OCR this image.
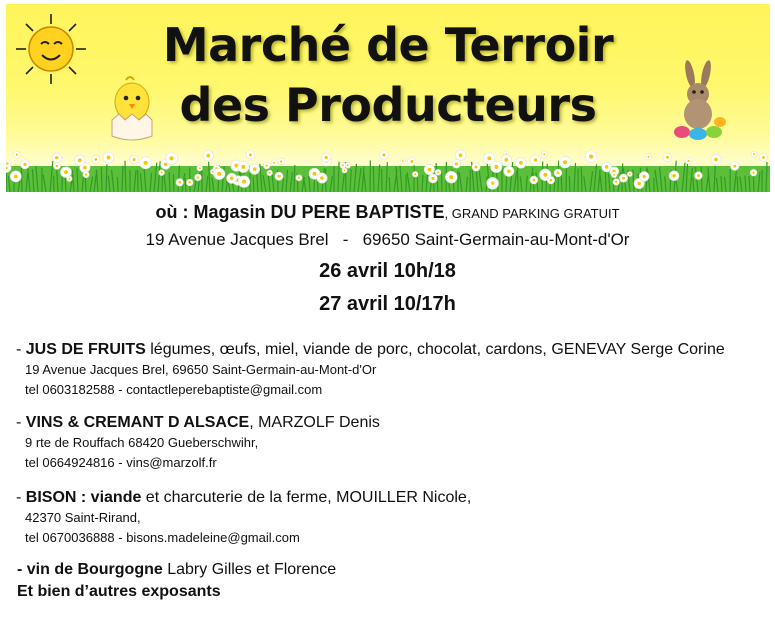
Marché de Terroir
des Producteurs
où : Magasin DU PERE BAPTISTE, GRAND PARKING GRATUIT
19 Avenue Jacques Brel - 69650 Saint-Germain-au-Mont-d'Or
26 avril 10h/18
27 avril 10/17h
- JUS DE FRUITS légumes, œufs, miel, viande de porc, chocolat, cardons, GENEVAY Serge Corine
19 Avenue Jacques Brel, 69650 Saint-Germain-au-Mont-d'Or
tel 0603182588 - contactleperebaptiste@gmail.com
- VINS & CREMANT D ALSACE, MARZOLF Denis
9 rte de Rouffach 68420 Gueberschwihr,
tel 0664924816 - vins@marzolf.fr
- BISON : viande et charcuterie de la ferme, MOUILLER Nicole,
42370 Saint-Rirand,
tel 0670036888 - bisons.madeleine@gmail.com
- vin de Bourgogne Labry Gilles et Florence
Et bien d’autres exposants
